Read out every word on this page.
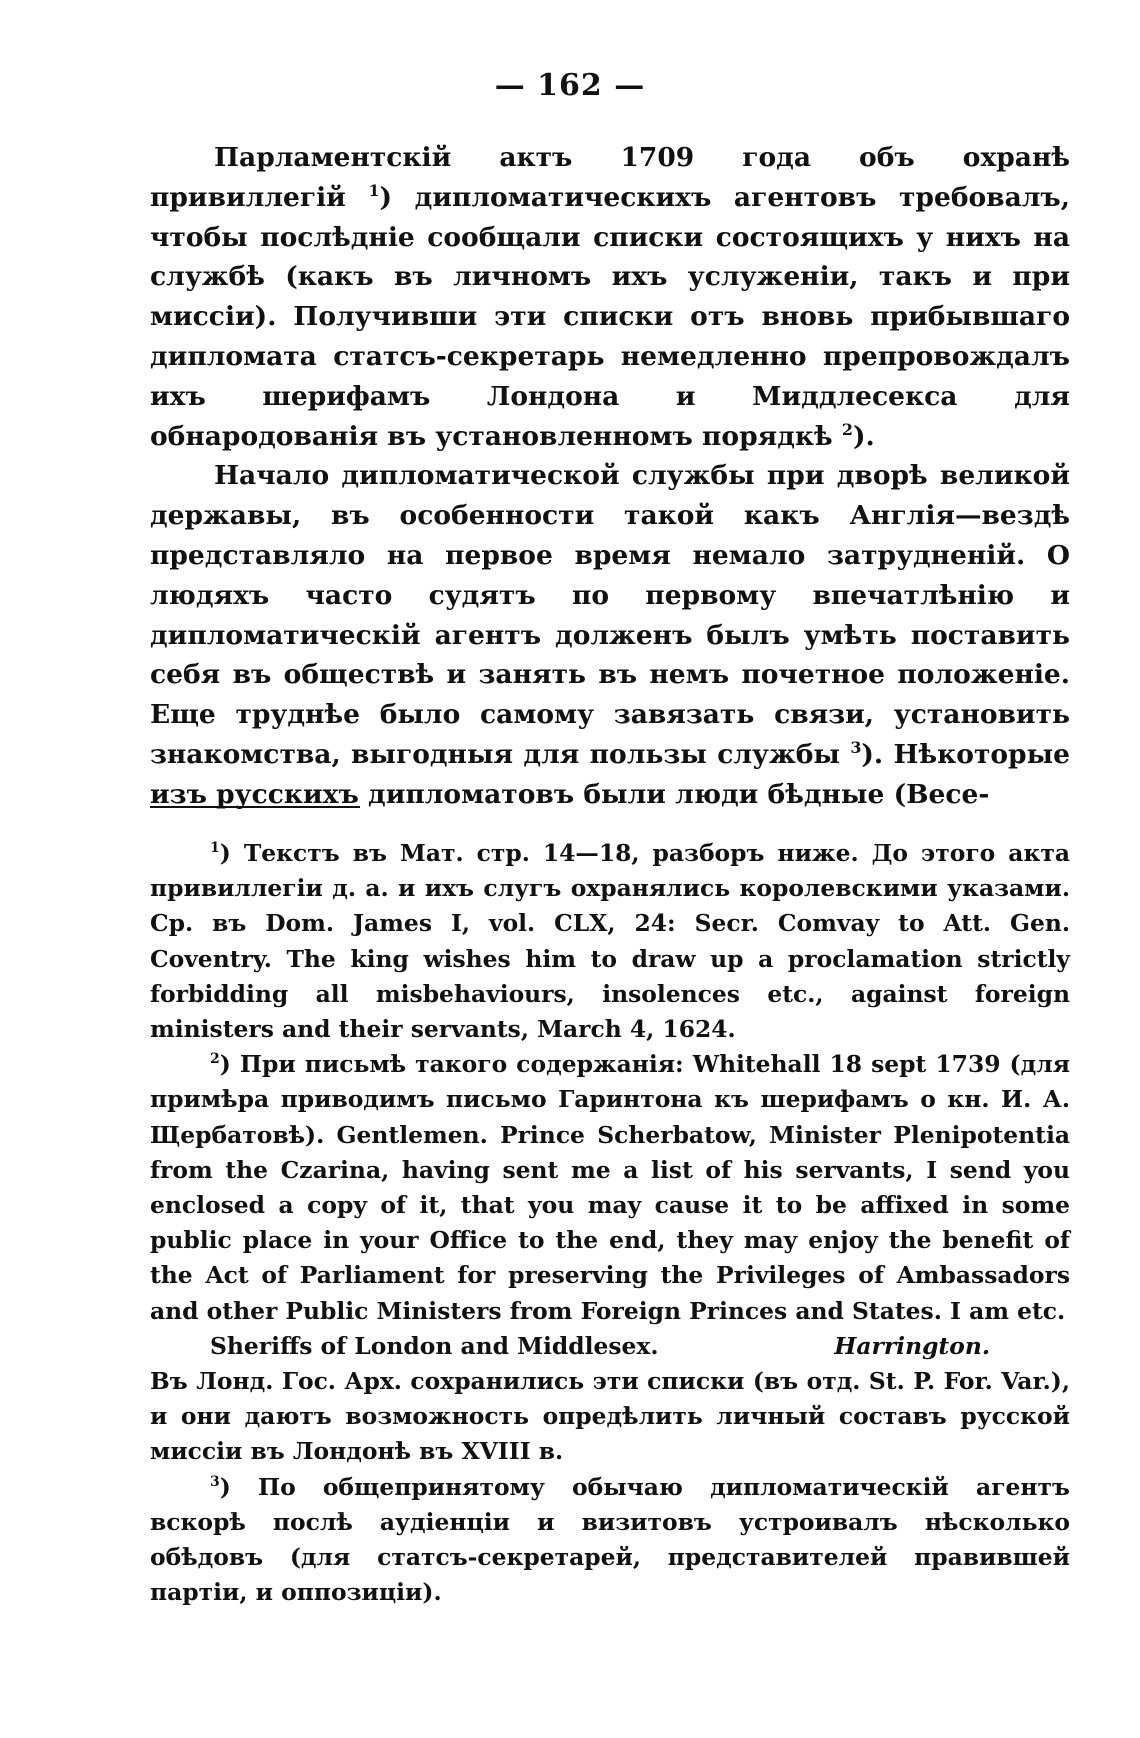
— 162 —

Парламентскій актъ 1709 года объ охранѣ привиллегій $^1$) дипломатическихъ агентовъ требовалъ, чтобы послѣдніе сообщали списки состоящихъ у нихъ на службѣ (какъ въ личномъ ихъ услуженіи, такъ и при миссіи). Получивши эти списки отъ вновь прибывшаго дипломата статсъ-секретарь немедленно препровождалъ ихъ шерифамъ Лондона и Миддлесекса для обнародованія въ установленномъ порядкѣ $^2$).

Начало дипломатической службы при дворѣ великой державы, въ особенности такой какъ Англія—вездѣ представляло на первое время немало затрудненій. О людяхъ часто судятъ по первому впечатлѣнію и дипломатическій агентъ долженъ былъ умѣть поставить себя въ обществѣ и занять въ немъ почетное положеніе. Еще труднѣе было самому завязать связи, установить знакомства, выгодныя для пользы службы $^3$). Нѣкоторые изъ русскихъ дипломатовъ были люди бѣдные (Весе-

$^1$) Текстъ въ Мат. стр. 14—18, разборъ ниже. До этого акта привиллегіи д. а. и ихъ слугъ охранялись королевскими указами. Ср. въ Dom. James I, vol. CLX, 24: Secr. Comvay to Att. Gen. Coventry. The king wishes him to draw up a proclamation strictly forbidding all misbehaviours, insolences etc., against foreign ministers and their servants, March 4, 1624.

$^2$) При письмѣ такого содержанія: Whitehall 18 sept 1739 (для примѣра приводимъ письмо Гаринтона къ шерифамъ о кн. И. А. Щербатовѣ). Gentlemen. Prince Scherbatow, Minister Plenipotentia from the Czarina, having sent me a list of his servants, I send you enclosed a copy of it, that you may cause it to be affixed in some public place in your Office to the end, they may enjoy the benefit of the Act of Parliament for preserving the Privileges of Ambassadors and other Public Ministers from Foreign Princes and States. I am etc.

Sheriffs of London and Middlesex.	Harrington.

Въ Лонд. Гос. Арх. сохранились эти списки (въ отд. St. P. For. Var.), и они даютъ возможность опредѣлить личный составъ русской миссіи въ Лондонѣ въ XVIII в.

$^3$) По общепринятому обычаю дипломатическій агентъ вскорѣ послѣ аудіенціи и визитовъ устроивалъ нѣсколько обѣдовъ (для статсъ-секретарей, представителей правившей партіи, и оппозиціи).
